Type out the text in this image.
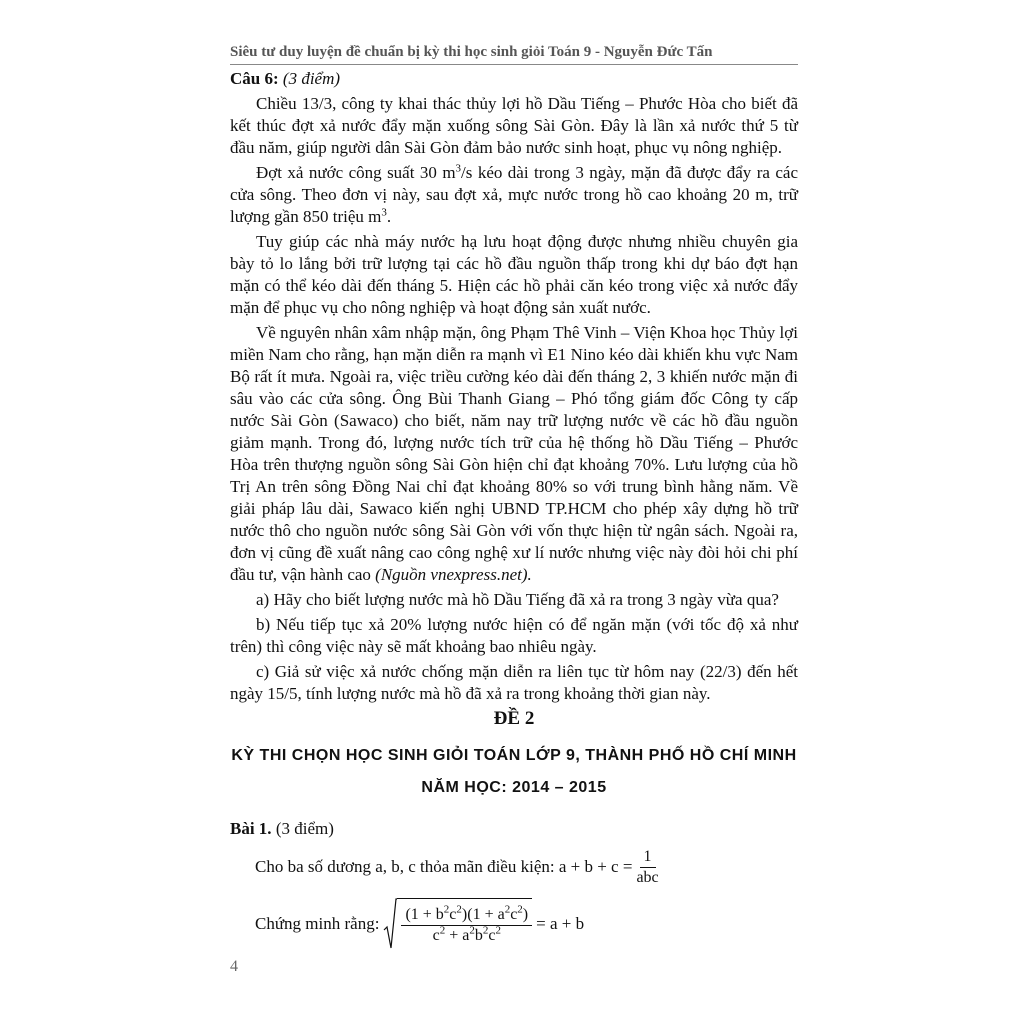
Siêu tư duy luyện đề chuẩn bị kỳ thi học sinh giỏi Toán 9 - Nguyễn Đức Tấn

Câu 6: (3 điểm)

Chiều 13/3, công ty khai thác thủy lợi hồ Dầu Tiếng – Phước Hòa cho biết đã kết thúc đợt xả nước đẩy mặn xuống sông Sài Gòn. Đây là lần xả nước thứ 5 từ đầu năm, giúp người dân Sài Gòn đảm bảo nước sinh hoạt, phục vụ nông nghiệp.

Đợt xả nước công suất 30 $m^3/s$ kéo dài trong 3 ngày, mặn đã được đẩy ra các cửa sông. Theo đơn vị này, sau đợt xả, mực nước trong hồ cao khoảng 20 m, trữ lượng gần 850 triệu $m^3$.

Tuy giúp các nhà máy nước hạ lưu hoạt động được nhưng nhiều chuyên gia bày tỏ lo lắng bởi trữ lượng tại các hồ đầu nguồn thấp trong khi dự báo đợt hạn mặn có thể kéo dài đến tháng 5. Hiện các hồ phải căn kéo trong việc xả nước đẩy mặn để phục vụ cho nông nghiệp và hoạt động sản xuất nước.

Về nguyên nhân xâm nhập mặn, ông Phạm Thê Vinh – Viện Khoa học Thủy lợi miền Nam cho rằng, hạn mặn diễn ra mạnh vì E1 Nino kéo dài khiến khu vực Nam Bộ rất ít mưa. Ngoài ra, việc triều cường kéo dài đến tháng 2, 3 khiến nước mặn đi sâu vào các cửa sông. Ông Bùi Thanh Giang – Phó tổng giám đốc Công ty cấp nước Sài Gòn (Sawaco) cho biết, năm nay trữ lượng nước về các hồ đầu nguồn giảm mạnh. Trong đó, lượng nước tích trữ của hệ thống hồ Dầu Tiếng – Phước Hòa trên thượng nguồn sông Sài Gòn hiện chỉ đạt khoảng 70%. Lưu lượng của hồ Trị An trên sông Đồng Nai chỉ đạt khoảng 80% so với trung bình hằng năm. Về giải pháp lâu dài, Sawaco kiến nghị UBND TP.HCM cho phép xây dựng hồ trữ nước thô cho nguồn nước sông Sài Gòn với vốn thực hiện từ ngân sách. Ngoài ra, đơn vị cũng đề xuất nâng cao công nghệ xư lí nước nhưng việc này đòi hỏi chi phí đầu tư, vận hành cao (Nguồn vnexpress.net).

a) Hãy cho biết lượng nước mà hồ Dầu Tiếng đã xả ra trong 3 ngày vừa qua?

b) Nếu tiếp tục xả 20% lượng nước hiện có để ngăn mặn (với tốc độ xả như trên) thì công việc này sẽ mất khoảng bao nhiêu ngày.

c) Giả sử việc xả nước chống mặn diễn ra liên tục từ hôm nay (22/3) đến hết ngày 15/5, tính lượng nước mà hồ đã xả ra trong khoảng thời gian này.

ĐỀ 2
KỲ THI CHỌN HỌC SINH GIỎI TOÁN LỚP 9, THÀNH PHỐ HỒ CHÍ MINH
NĂM HỌC: 2014 – 2015
Bài 1. (3 điểm)
Cho ba số dương a, b, c thỏa mãn điều kiện: $a + b + c = \frac{1}{\text{abc}}$
Chứng minh rằng: $\frac{(1 + b^2c^2)(1 + a^2c^2)}{c^2 + a^2b^2c^2} = a + b$
4
